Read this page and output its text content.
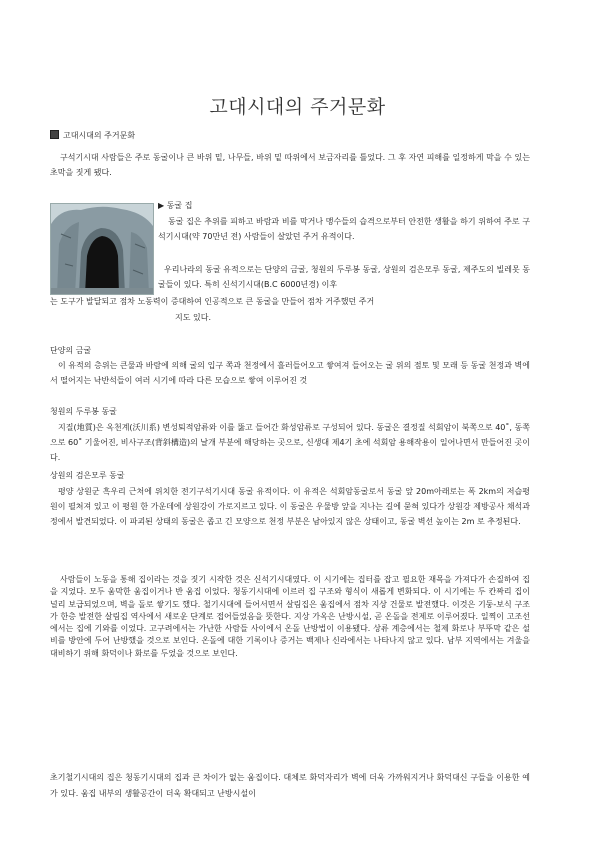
고대시대의 주거문화
고대시대의 주거문화

구석기시대 사람들은 주로 동굴이나 큰 바위 밑, 나무들, 바위 밑 따위에서 보금자리를 틀었다. 그 후 자연 피해를 일정하게 막을 수 있는 초막을 짓게 됐다.

▶ 동굴 집

동굴 집은 추위를 피하고 바람과 비를 막거나 맹수들의 습격으로부터 안전한 생활을 하기 위하여 주로 구석기시대(약 70만년 전) 사람들이 살았던 주거 유적이다.

우리나라의 동굴 유적으로는 단양의 금굴, 청원의 두루봉 동굴, 상원의 검은모루 동굴, 제주도의 빌레못 동굴들이 있다. 특히 신석기시대(B.C 6000년경) 이후

는 도구가 발달되고 점차 노동력이 증대하여 인공적으로 큰 동굴을 만들어 점차 거주했던 주거

지도 있다.

단양의 금굴

이 유적의 층위는 큰물과 바람에 의해 굴의 입구 쪽과 천정에서 흘러들어오고 쌓여져 들어오는 굴 위의 점토 및 모래 등 동굴 천정과 벽에서 떨어지는 낙반석들이 여러 시기에 따라 다른 모습으로 쌓여 이루어진 것

청원의 두루봉 동굴

지질(地質)은 옥천계(沃川系) 변성퇴적암류와 이를 뚫고 들어간 화성암류로 구성되어 있다. 동굴은 결정질 석회암이 북쪽으로 40˚, 동쪽으로 60˚ 기울어진, 비사구조(背斜構造)의 날개 부분에 해당하는 곳으로, 신생대 제4기 초에 석회암 용해작용이 일어나면서 만들어진 곳이다.

상원의 검은모루 동굴

평양 상원군 흑우리 근처에 위치한 전기구석기시대 동굴 유적이다. 이 유적은 석회암동굴로서 동굴 앞 20m아래로는 폭 2km의 저습평원이 펼쳐져 있고 이 평원 한 가운데에 상원강이 가로지르고 있다. 이 동굴은 우물방 앞을 지나는 길에 묻혀 있다가 상원강 제방공사 채석과정에서 발견되었다. 이 파괴된 상태의 동굴은 좁고 긴 모양으로 천정 부분은 남아있지 않은 상태이고, 동굴 벽선 높이는 2m 로 추정된다.

사람들이 노동을 통해 집이라는 것을 짓기 시작한 것은 신석기시대였다. 이 시기에는 집터를 잡고 필요한 재목을 가져다가 손질하여 집을 지었다. 모두 움막한 움집이거나 반 움집 이었다. 청동기시대에 이르러 집 구조와 형식이 새롭게 변화되다. 이 시기에는 두 칸짜리 집이 널리 보급되었으며, 벽을 돌로 쌓기도 했다. 철기시대에 들어서면서 살림집은 움집에서 점차 지상 건물로 발전했다. 이것은 기둥-보식 구조가 한층 발전한 살림집 역사에서 새로운 단계로 접어들었음을 뜻한다. 지상 가옥은 난방시설, 곧 온돌을 전제로 이루어졌다. 일찍이 고조선에서는 집에 기와를 이었다. 고구려에서는 가난한 사람들 사이에서 온돌 난방법이 이용됐다. 상류 계층에서는 철제 화로나 부뚜막 같은 설비를 방안에 두어 난방했을 것으로 보인다. 온돌에 대한 기록이나 증거는 백제나 신라에서는 나타나지 않고 있다. 남부 지역에서는 겨울을 대비하기 위해 화덕이나 화로를 두었을 것으로 보인다.

초기철기시대의 집은 청동기시대의 집과 큰 차이가 없는 움집이다. 대체로 화덕자리가 벽에 더욱 가까워지거나 화덕대신 구들을 이용한 예가 있다. 움집 내부의 생활공간이 더욱 확대되고 난방시설이
